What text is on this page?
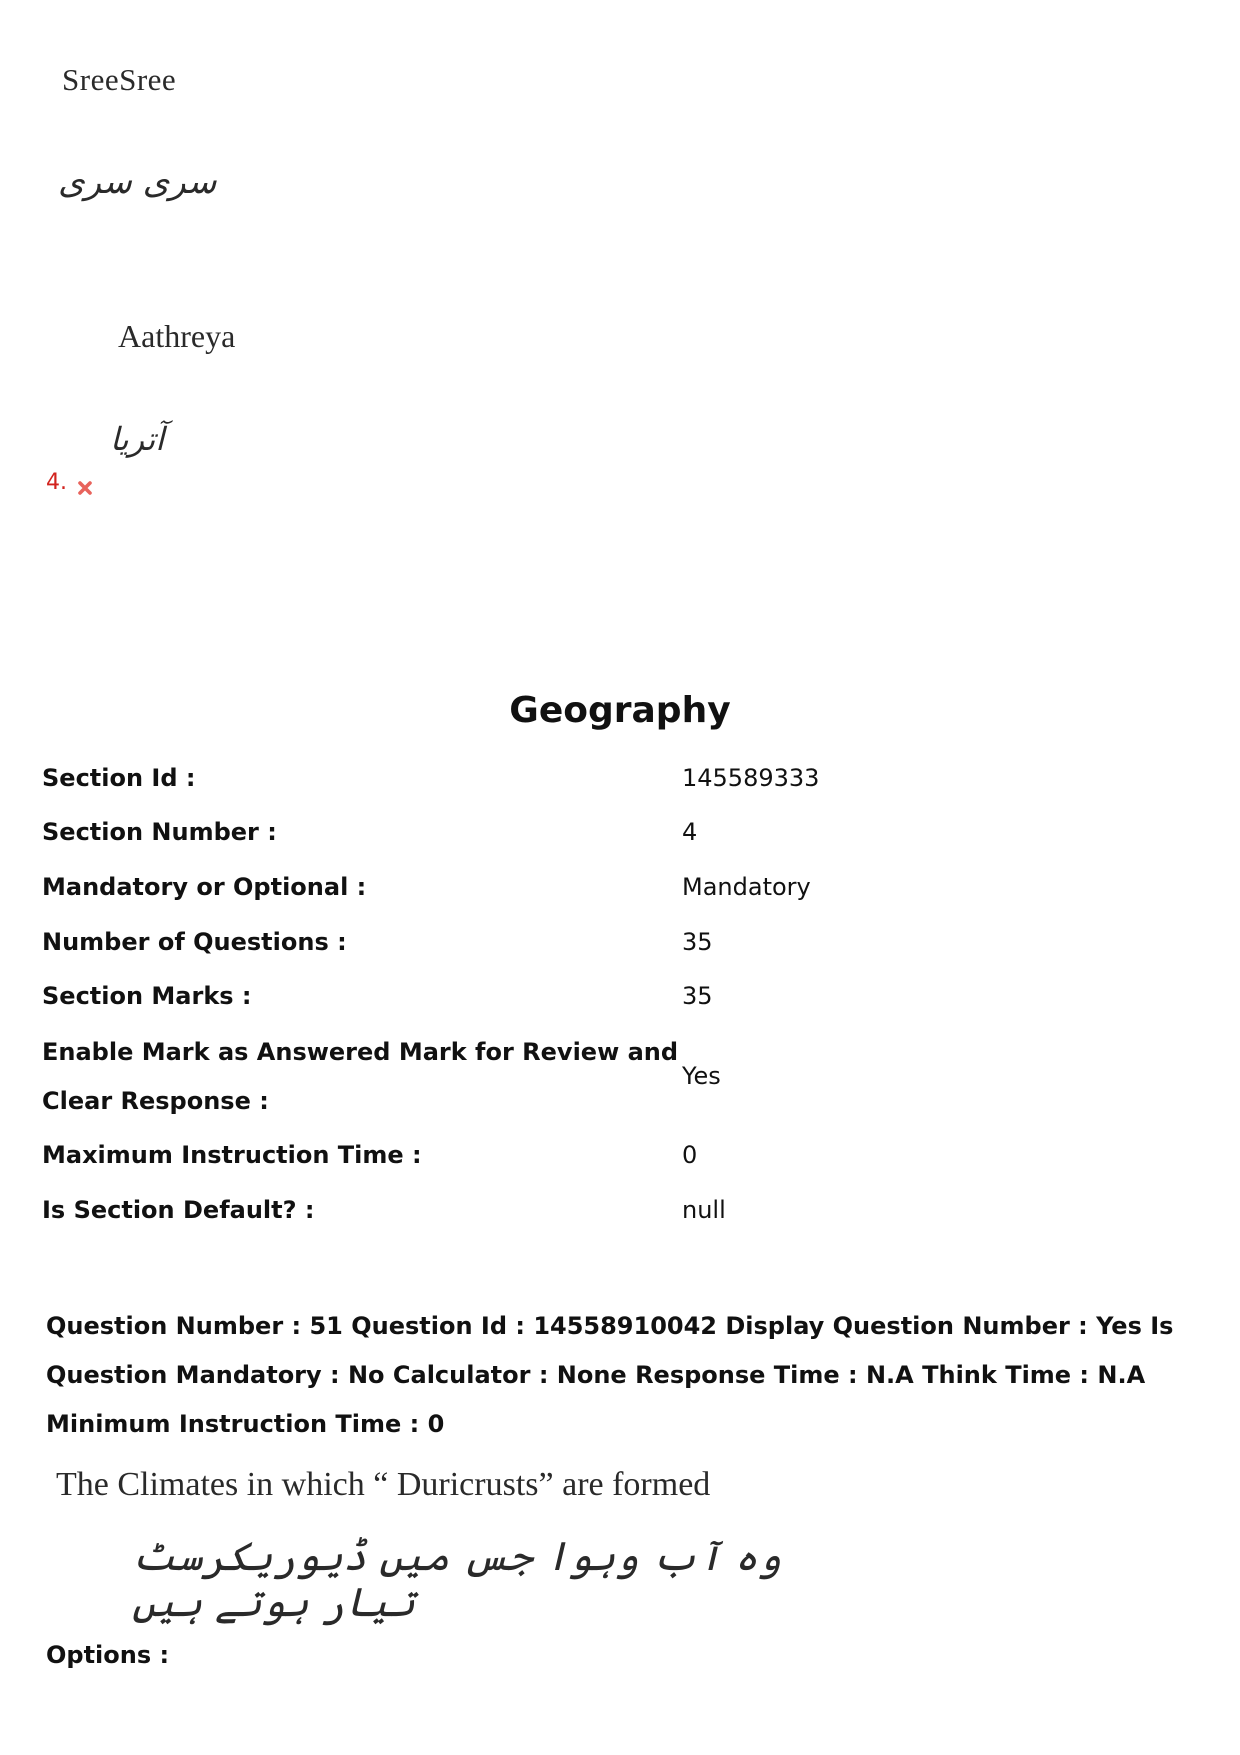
SreeSree
سری سری
Aathreya
آتریا
4.
Geography
Section Id :	145589333
Section Number :	4
Mandatory or Optional :	Mandatory
Number of Questions :	35
Section Marks :	35
Enable Mark as Answered Mark for Review and Clear Response :
Yes
Maximum Instruction Time :	0
Is Section Default? :	null
Question Number : 51 Question Id : 14558910042 Display Question Number : Yes Is Question Mandatory : No Calculator : None Response Time : N.A Think Time : N.A Minimum Instruction Time : 0
The Climates in which “ Duricrusts” are formed
وہ آب وہوا جس میں ڈیوریکرسٹ تیار ہوتے ہیں
Options :
